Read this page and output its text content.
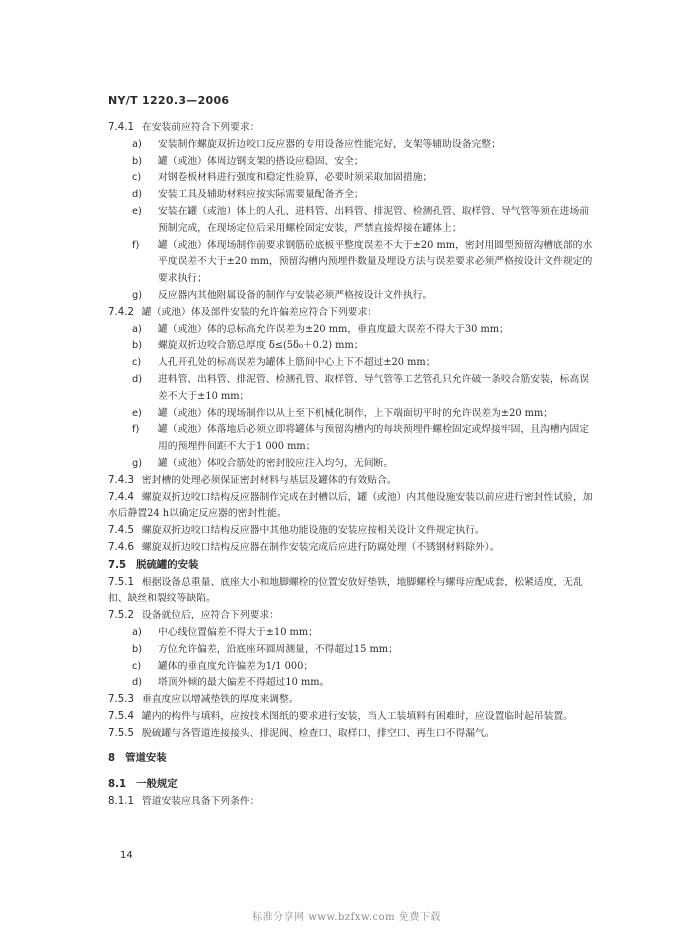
NY/T 1220.3—2006

7.4.1 在安装前应符合下列要求：

a) 安装制作螺旋双折边咬口反应器的专用设备应性能完好，支架等辅助设备完整；
b) 罐（或池）体周边钢支架的搭设应稳固、安全；
c) 对钢卷板材料进行强度和稳定性验算，必要时须采取加固措施；
d) 安装工具及辅助材料应按实际需要量配备齐全；
e) 安装在罐（或池）体上的人孔、进料管、出料管、排泥管、检测孔管、取样管、导气管等须在进场前预制完成，在现场定位后采用螺栓固定安装，严禁直接焊接在罐体上；
f) 罐（或池）体现场制作前要求钢筋砼底板平整度误差不大于±20 mm，密封用圆型预留沟槽底部的水平度误差不大于±20 mm，预留沟槽内预埋件数量及埋设方法与误差要求必须严格按设计文件规定的要求执行；
g) 反应器内其他附属设备的制作与安装必须严格按设计文件执行。

7.4.2 罐（或池）体及部件安装的允许偏差应符合下列要求：

a) 罐（或池）体的总标高允许误差为±20 mm，垂直度最大误差不得大于30 mm；
b) 螺旋双折边咬合筋总厚度 δ≤(5δ₀＋0.2) mm；
c) 人孔开孔处的标高误差为罐体上筋间中心上下不超过±20 mm；
d) 进料管、出料管、排泥管、检测孔管、取样管、导气管等工艺管孔只允许破一条咬合筋安装，标高误差不大于±10 mm；
e) 罐（或池）体的现场制作以从上至下机械化制作，上下端面切平时的允许误差为±20 mm；
f) 罐（或池）体落地后必须立即将罐体与预留沟槽内的每块预埋件螺栓固定或焊接牢固，且沟槽内固定用的预埋件间距不大于1 000 mm；
g) 罐（或池）体咬合筋处的密封胶应注入均匀，无间断。

7.4.3 密封槽的处理必须保证密封材料与基层及罐体的有效贴合。

7.4.4 螺旋双折边咬口结构反应器制作完成在封槽以后，罐（或池）内其他设施安装以前应进行密封性试验，加水后静置24 h以确定反应器的密封性能。

7.4.5 螺旋双折边咬口结构反应器中其他功能设施的安装应按相关设计文件规定执行。

7.4.6 螺旋双折边咬口结构反应器在制作安装完成后应进行防腐处理（不锈钢材料除外）。

7.5 脱硫罐的安装

7.5.1 根据设备总重量、底座大小和地脚螺栓的位置安放好垫铁，地脚螺栓与螺母应配成套，松紧适度，无乱扣、缺丝和裂纹等缺陷。

7.5.2 设备就位后，应符合下列要求：

a) 中心线位置偏差不得大于±10 mm；
b) 方位允许偏差，沿底座环圆周测量，不得超过15 mm；
c) 罐体的垂直度允许偏差为1/1 000；
d) 塔顶外倾的最大偏差不得超过10 mm。

7.5.3 垂直度应以增减垫铁的厚度来调整。

7.5.4 罐内的构件与填料，应按技术图纸的要求进行安装，当人工装填料有困难时，应设置临时起吊装置。

7.5.5 脱硫罐与各管道连接接头、排泥阀、检查口、取样口、排空口、再生口不得漏气。

8 管道安装

8.1 一般规定

8.1.1 管道安装应具备下列条件：

14
标准分享网 www.bzfxw.com 免费下载
